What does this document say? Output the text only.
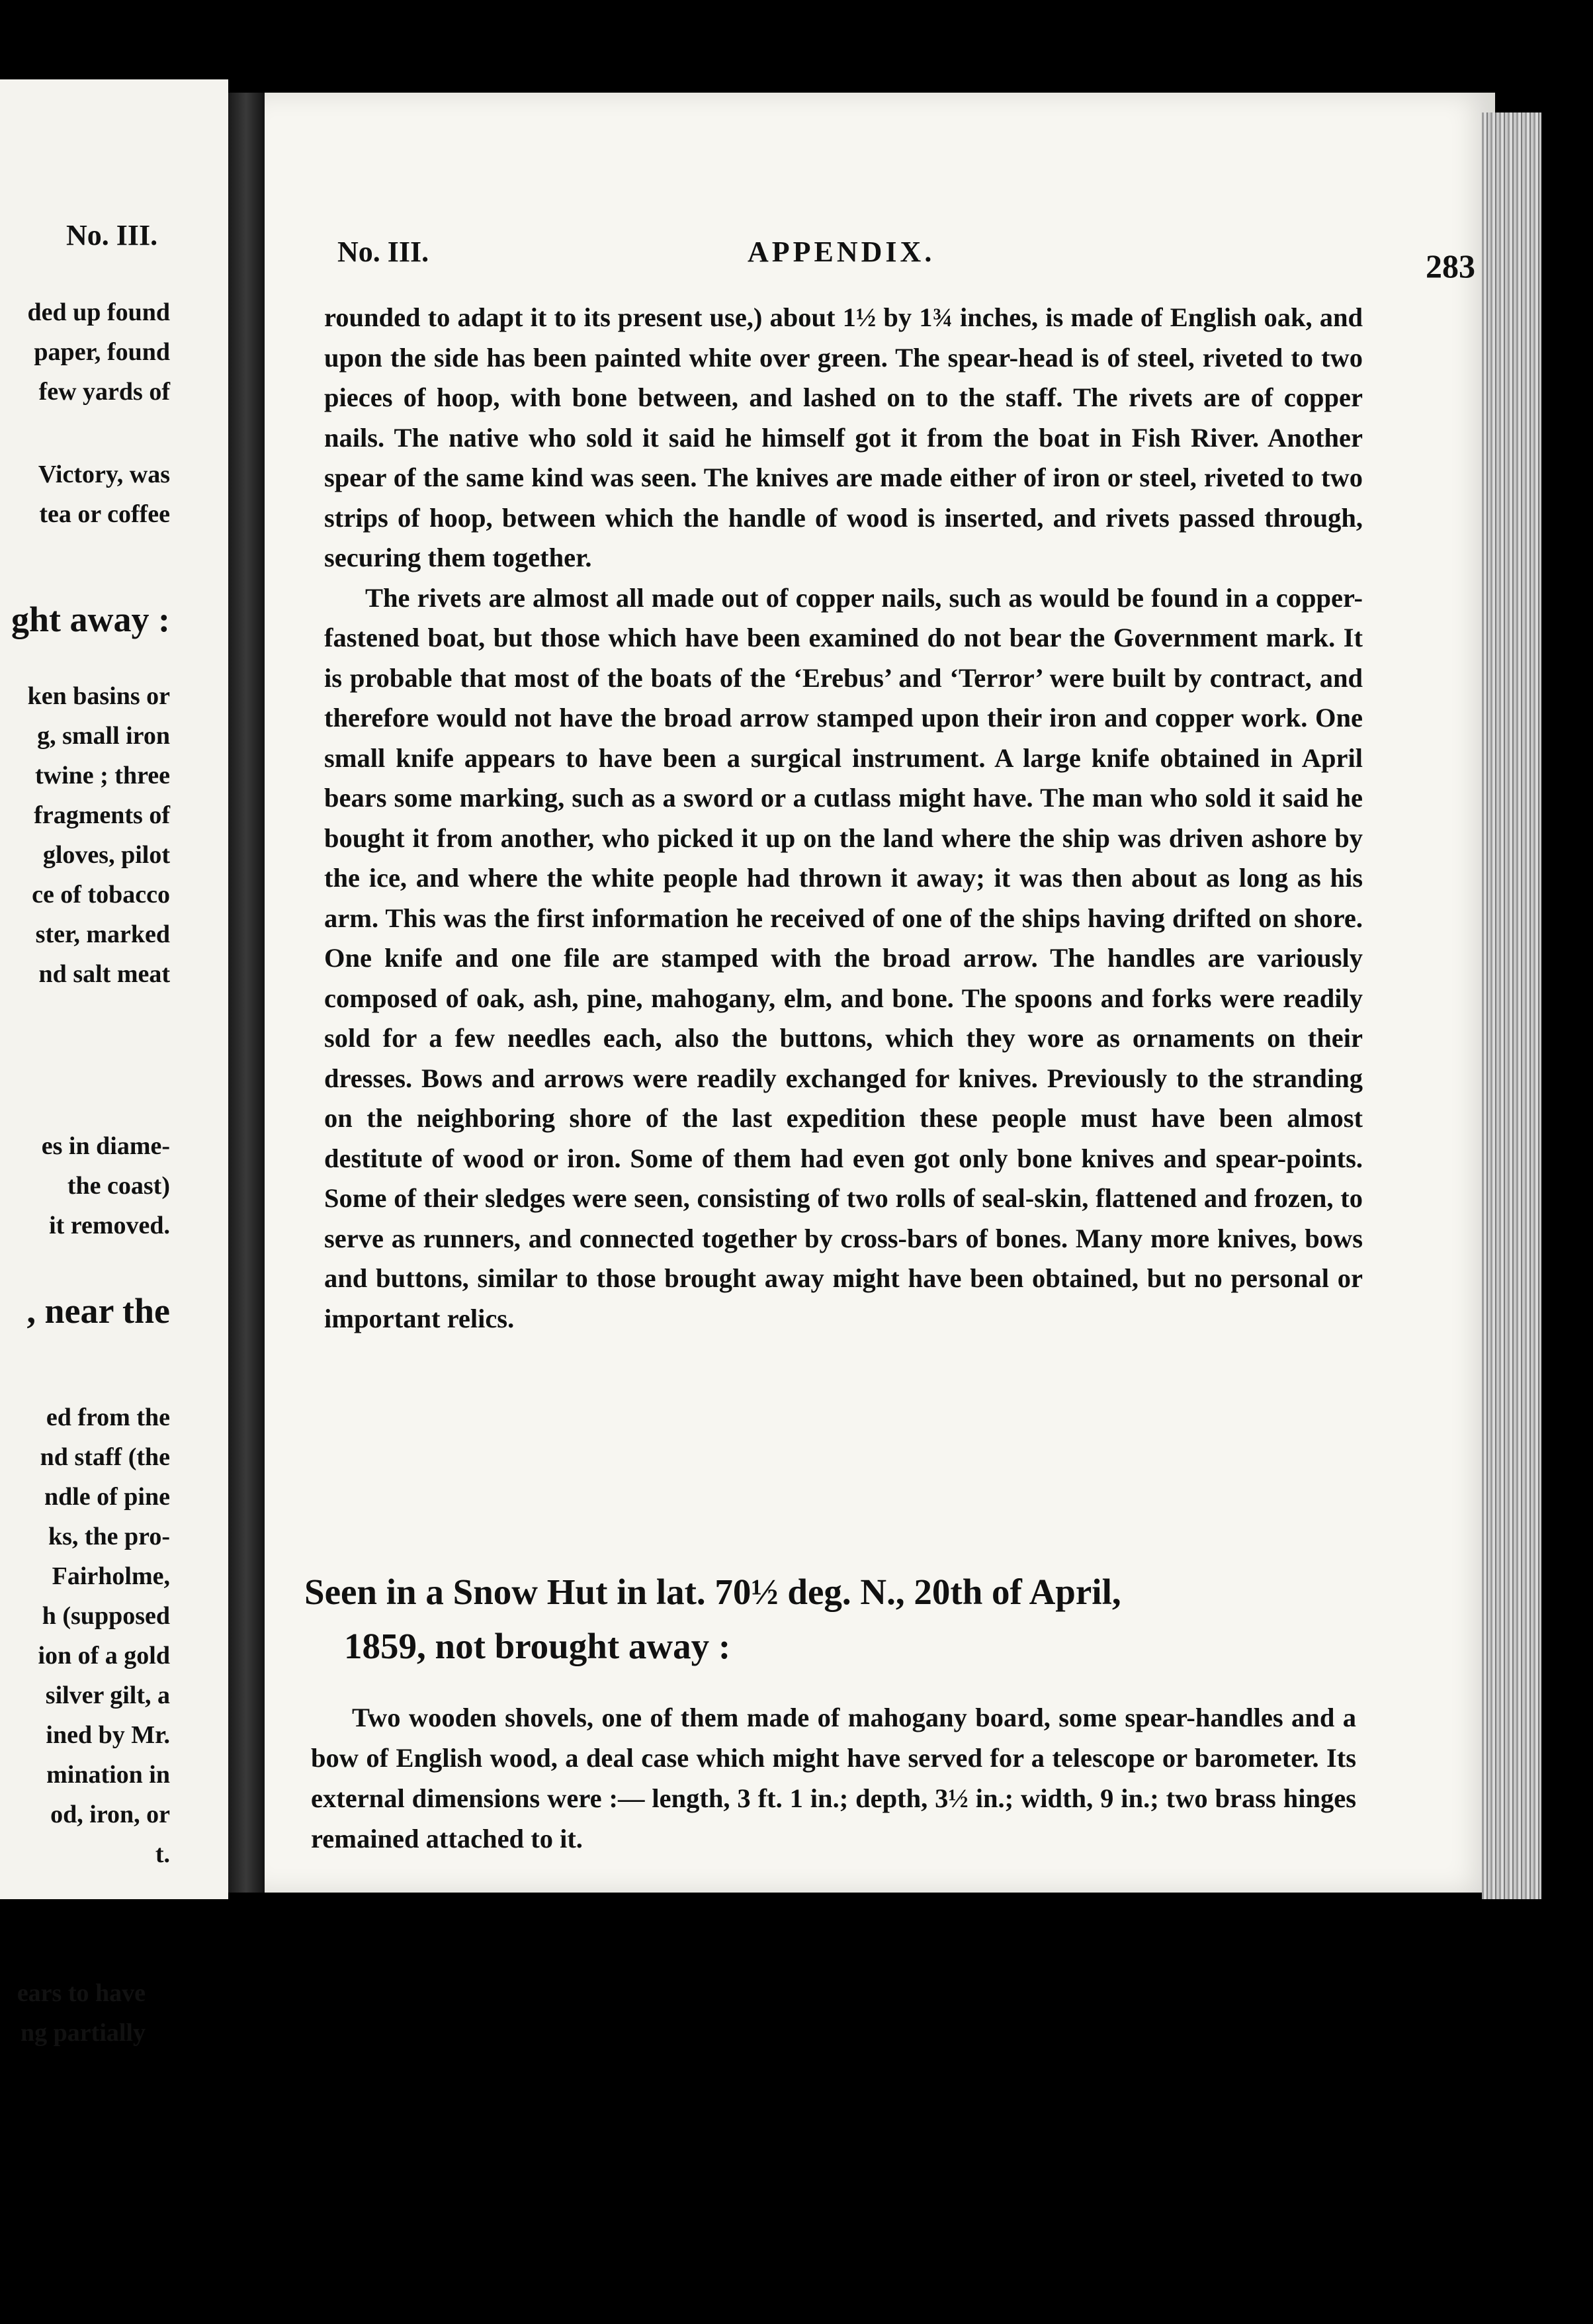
No. III.
ded up found
paper, found
few yards of
Victory, was
tea or coffee
ght away :
ken basins or
g, small iron
twine ; three
fragments of
gloves, pilot
ce of tobacco
ster, marked
nd salt meat
es in diame-
the coast)
it removed.
, near the
ed from the
nd staff (the
ndle of pine
ks, the pro-
Fairholme,
h (supposed
ion of a gold
silver gilt, a
ined by Mr.
mination in
od, iron, or
t.
No. III.	APPENDIX.	283

rounded to adapt it to its present use,) about 1½ by 1¾ inches, is made of English oak, and upon the side has been painted white over green. The spear-head is of steel, riveted to two pieces of hoop, with bone between, and lashed on to the staff. The rivets are of copper nails. The native who sold it said he himself got it from the boat in Fish River. Another spear of the same kind was seen. The knives are made either of iron or steel, riveted to two strips of hoop, between which the handle of wood is inserted, and rivets passed through, securing them together.

The rivets are almost all made out of copper nails, such as would be found in a copper-fastened boat, but those which have been examined do not bear the Government mark. It is probable that most of the boats of the ‘Erebus’ and ‘Terror’ were built by contract, and therefore would not have the broad arrow stamped upon their iron and copper work. One small knife appears to have been a surgical instrument. A large knife obtained in April bears some marking, such as a sword or a cutlass might have. The man who sold it said he bought it from another, who picked it up on the land where the ship was driven ashore by the ice, and where the white people had thrown it away; it was then about as long as his arm. This was the first information he received of one of the ships having drifted on shore. One knife and one file are stamped with the broad arrow. The handles are variously composed of oak, ash, pine, mahogany, elm, and bone. The spoons and forks were readily sold for a few needles each, also the buttons, which they wore as ornaments on their dresses. Bows and arrows were readily exchanged for knives. Previously to the stranding on the neighboring shore of the last expedition these people must have been almost destitute of wood or iron. Some of them had even got only bone knives and spear-points. Some of their sledges were seen, consisting of two rolls of seal-skin, flattened and frozen, to serve as runners, and connected together by cross-bars of bones. Many more knives, bows and buttons, similar to those brought away might have been obtained, but no personal or important relics.

Seen in a Snow Hut in lat. 70½ deg. N., 20th of April,
1859, not brought away :

Two wooden shovels, one of them made of mahogany board, some spear-handles and a bow of English wood, a deal case which might have served for a telescope or barometer. Its external dimensions were :— length, 3 ft. 1 in.; depth, 3½ in.; width, 9 in.; two brass hinges remained attached to it.

ears to have
ng partially
